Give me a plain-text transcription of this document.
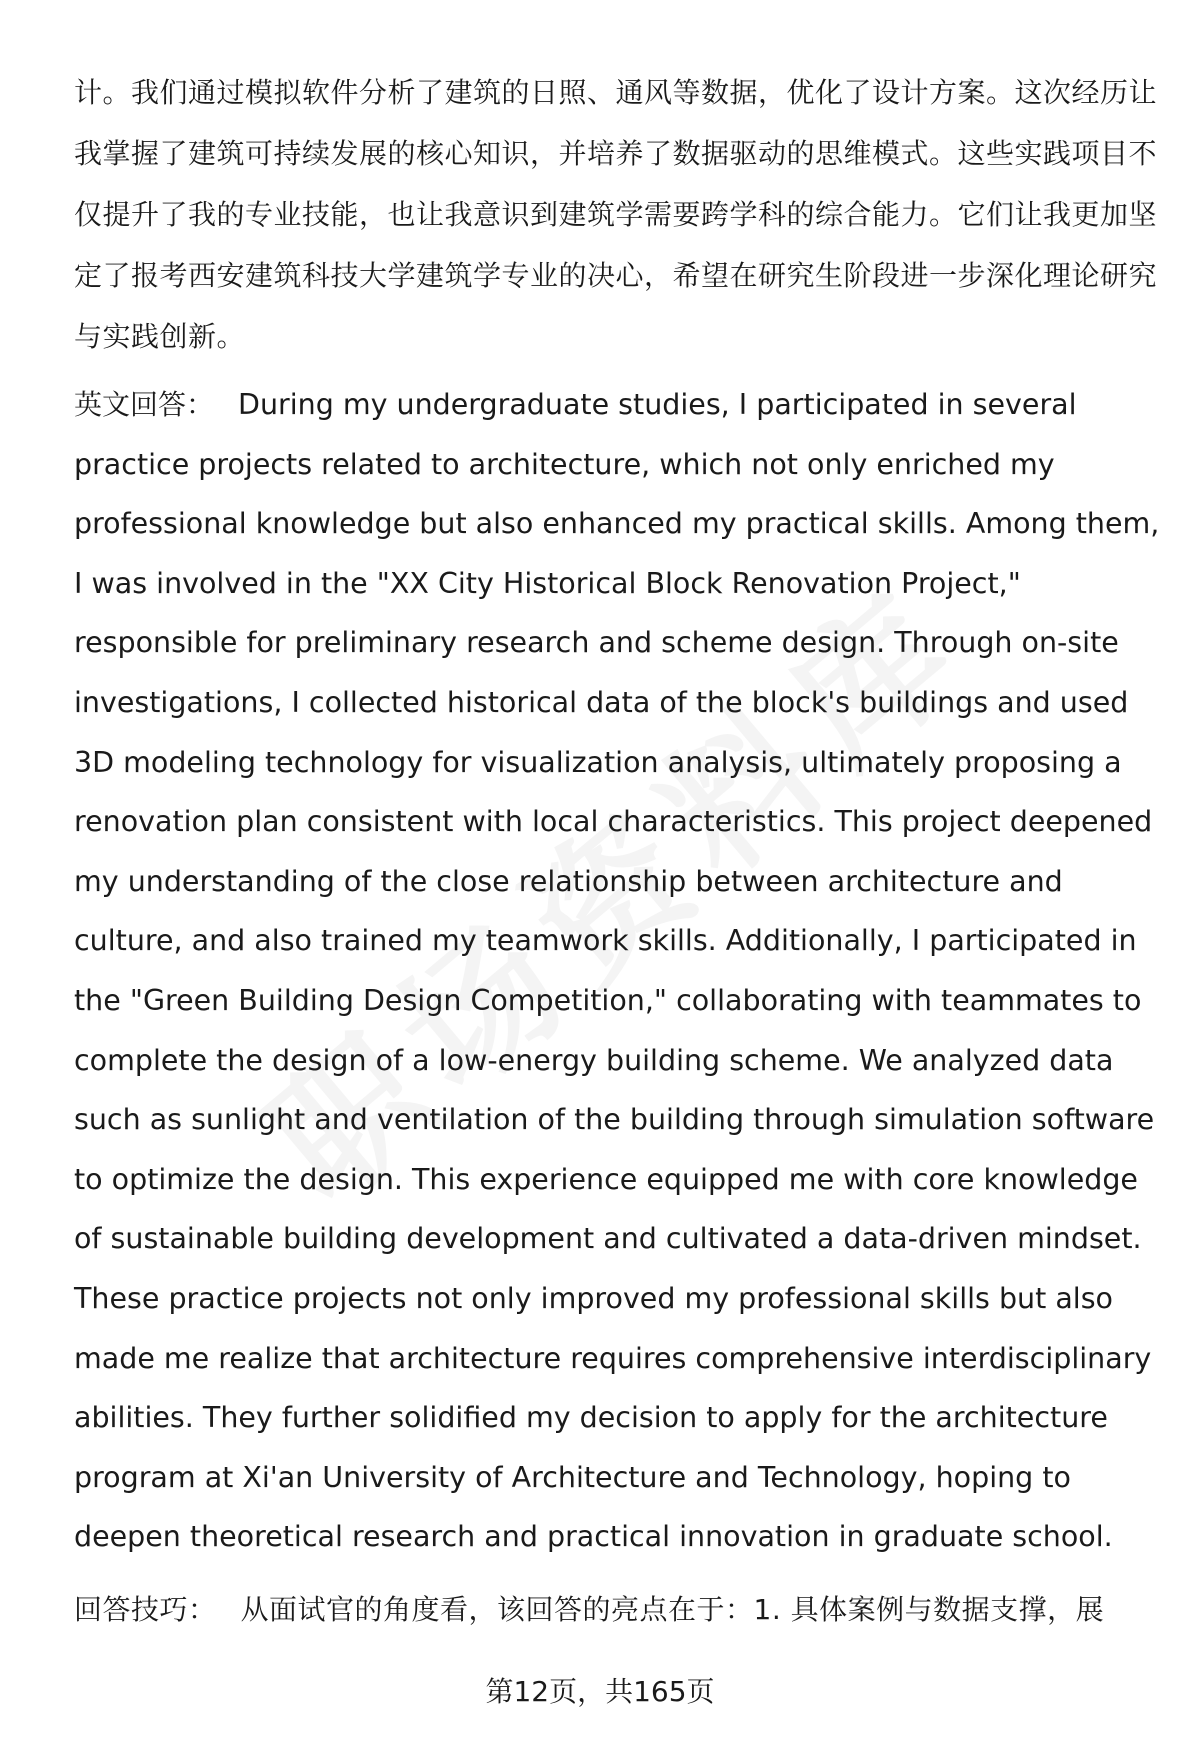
计。我们通过模拟软件分析了建筑的日照、通风等数据，优化了设计方案。这次经历让我掌握了建筑可持续发展的核心知识，并培养了数据驱动的思维模式。这些实践项目不仅提升了我的专业技能，也让我意识到建筑学需要跨学科的综合能力。它们让我更加坚定了报考西安建筑科技大学建筑学专业的决心，希望在研究生阶段进一步深化理论研究与实践创新。

英文回答： During my undergraduate studies, I participated in several practice projects related to architecture, which not only enriched my professional knowledge but also enhanced my practical skills. Among them, I was involved in the "XX City Historical Block Renovation Project," responsible for preliminary research and scheme design. Through on-site investigations, I collected historical data of the block's buildings and used 3D modeling technology for visualization analysis, ultimately proposing a renovation plan consistent with local characteristics. This project deepened my understanding of the close relationship between architecture and culture, and also trained my teamwork skills. Additionally, I participated in the "Green Building Design Competition," collaborating with teammates to complete the design of a low-energy building scheme. We analyzed data such as sunlight and ventilation of the building through simulation software to optimize the design. This experience equipped me with core knowledge of sustainable building development and cultivated a data-driven mindset. These practice projects not only improved my professional skills but also made me realize that architecture requires comprehensive interdisciplinary abilities. They further solidified my decision to apply for the architecture program at Xi'an University of Architecture and Technology, hoping to deepen theoretical research and practical innovation in graduate school.

回答技巧： 从面试官的角度看，该回答的亮点在于：1. 具体案例与数据支撑，展

第12页，共165页
